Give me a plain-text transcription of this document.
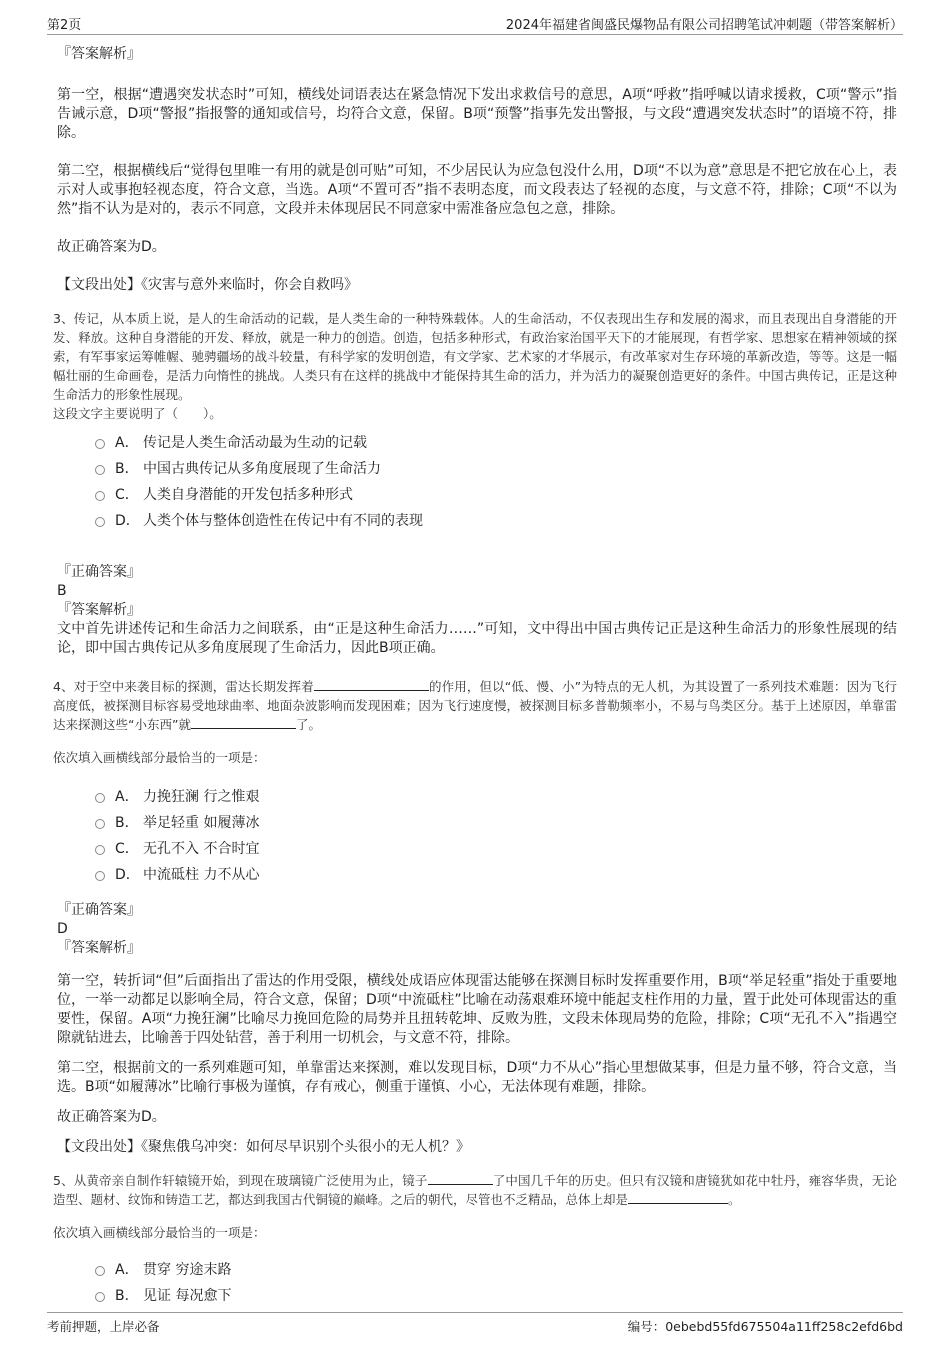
第2页	2024年福建省闽盛民爆物品有限公司招聘笔试冲刺题（带答案解析）

『答案解析』

第一空，根据“遭遇突发状态时”可知，横线处词语表达在紧急情况下发出求救信号的意思，A项“呼救”指呼喊以请求援救，C项“警示”指告诫示意，D项“警报”指报警的通知或信号，均符合文意，保留。B项“预警”指事先发出警报，与文段“遭遇突发状态时”的语境不符，排除。

第二空，根据横线后“觉得包里唯一有用的就是创可贴”可知，不少居民认为应急包没什么用，D项“不以为意”意思是不把它放在心上，表示对人或事抱轻视态度，符合文意，当选。A项“不置可否”指不表明态度，而文段表达了轻视的态度，与文意不符，排除；C项“不以为然”指不认为是对的，表示不同意，文段并未体现居民不同意家中需准备应急包之意，排除。

故正确答案为D。

【文段出处】《灾害与意外来临时，你会自救吗》

3、传记，从本质上说，是人的生命活动的记载，是人类生命的一种特殊载体。人的生命活动，不仅表现出生存和发展的渴求，而且表现出自身潜能的开发、释放。这种自身潜能的开发、释放，就是一种力的创造。创造，包括多种形式，有政治家治国平天下的才能展现，有哲学家、思想家在精神领域的探索，有军事家运筹帷幄、驰骋疆场的战斗较量，有科学家的发明创造，有文学家、艺术家的才华展示，有改革家对生存环境的革新改造，等等。这是一幅幅壮丽的生命画卷，是活力向惰性的挑战。人类只有在这样的挑战中才能保持其生命的活力，并为活力的凝聚创造更好的条件。中国古典传记，正是这种生命活力的形象性展现。

这段文字主要说明了（　　）。

A． 传记是人类生命活动最为生动的记载
B． 中国古典传记从多角度展现了生命活力
C． 人类自身潜能的开发包括多种形式
D． 人类个体与整体创造性在传记中有不同的表现

『正确答案』

B

『答案解析』

文中首先讲述传记和生命活力之间联系，由“正是这种生命活力……”可知，文中得出中国古典传记正是这种生命活力的形象性展现的结论，即中国古典传记从多角度展现了生命活力，因此B项正确。

4、对于空中来袭目标的探测，雷达长期发挥着	的作用，但以“低、慢、小”为特点的无人机，为其设置了一系列技术难题：因为飞行高度低，被探测目标容易受地球曲率、地面杂波影响而发现困难；因为飞行速度慢，被探测目标多普勒频率小，不易与鸟类区分。基于上述原因，单靠雷达来探测这些“小东西”就	了。

依次填入画横线部分最恰当的一项是：

A． 力挽狂澜 行之惟艰
B． 举足轻重 如履薄冰
C． 无孔不入 不合时宜
D． 中流砥柱 力不从心

『正确答案』

D

『答案解析』

第一空，转折词“但”后面指出了雷达的作用受限，横线处成语应体现雷达能够在探测目标时发挥重要作用，B项“举足轻重”指处于重要地位，一举一动都足以影响全局，符合文意，保留；D项“中流砥柱”比喻在动荡艰难环境中能起支柱作用的力量，置于此处可体现雷达的重要性，保留。A项“力挽狂澜”比喻尽力挽回危险的局势并且扭转乾坤、反败为胜，文段未体现局势的危险，排除；C项“无孔不入”指遇空隙就钻进去，比喻善于四处钻营，善于利用一切机会，与文意不符，排除。

第二空，根据前文的一系列难题可知，单靠雷达来探测，难以发现目标，D项“力不从心”指心里想做某事，但是力量不够，符合文意，当选。B项“如履薄冰”比喻行事极为谨慎，存有戒心，侧重于谨慎、小心，无法体现有难题，排除。

故正确答案为D。

【文段出处】《聚焦俄乌冲突：如何尽早识别个头很小的无人机？》

5、从黄帝亲自制作轩辕镜开始，到现在玻璃镜广泛使用为止，镜子	了中国几千年的历史。但只有汉镜和唐镜犹如花中牡丹，雍容华贵，无论造型、题材、纹饰和铸造工艺，都达到我国古代铜镜的巅峰。之后的朝代，尽管也不乏精品，总体上却是	。

依次填入画横线部分最恰当的一项是：

A． 贯穿 穷途末路
B． 见证 每况愈下
考前押题，上岸必备	编号：0ebebd55fd675504a11ff258c2efd6bd
